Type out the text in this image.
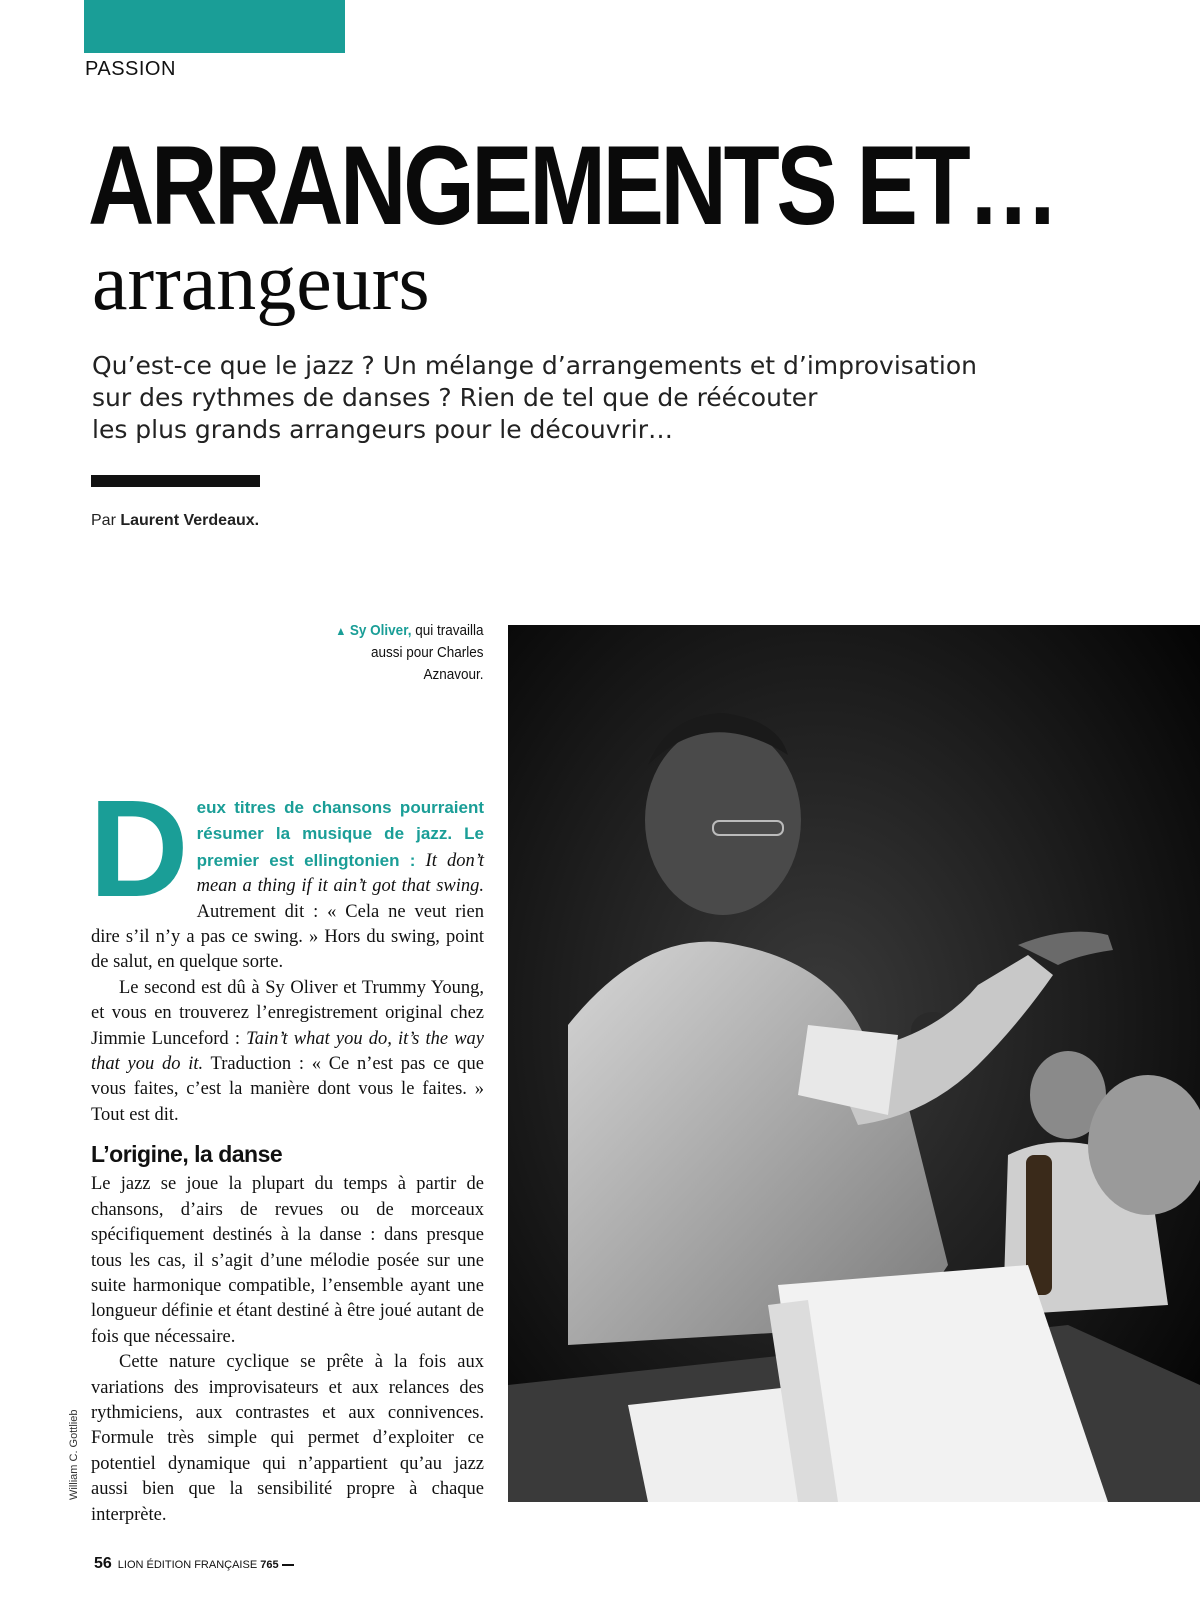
PASSION
ARRANGEMENTS ET…
arrangeurs

Qu’est-ce que le jazz ? Un mélange d’arrangements et d’improvisation
sur des rythmes de danses ? Rien de tel que de réécouter
les plus grands arrangeurs pour le découvrir…

Par Laurent Verdeaux.
▲ Sy Oliver, qui travailla
aussi pour Charles
Aznavour.

D eux titres de chansons pourraient résumer la musique de jazz. Le premier est ellingtonien : It don’t mean a thing if it ain’t got that swing. Autrement dit : « Cela ne veut rien dire s’il n’y a pas ce swing. » Hors du swing, point de salut, en quelque sorte.

Le second est dû à Sy Oliver et Trummy Young, et vous en trouverez l’enregistrement original chez Jimmie Lunceford : Tain’t what you do, it’s the way that you do it. Traduction : « Ce n’est pas ce que vous faites, c’est la manière dont vous le faites. » Tout est dit.

L’origine, la danse

Le jazz se joue la plupart du temps à partir de chansons, d’airs de revues ou de morceaux spécifiquement destinés à la danse : dans presque tous les cas, il s’agit d’une mélodie posée sur une suite harmonique compatible, l’ensemble ayant une longueur définie et étant destiné à être joué autant de fois que nécessaire.

Cette nature cyclique se prête à la fois aux variations des improvisateurs et aux relances des rythmiciens, aux contrastes et aux connivences. Formule très simple qui permet d’exploiter ce potentiel dynamique qui n’appartient qu’au jazz aussi bien que la sensibilité propre à chaque interprète.

William C. Gottlieb
56 LION ÉDITION FRANÇAISE 765
